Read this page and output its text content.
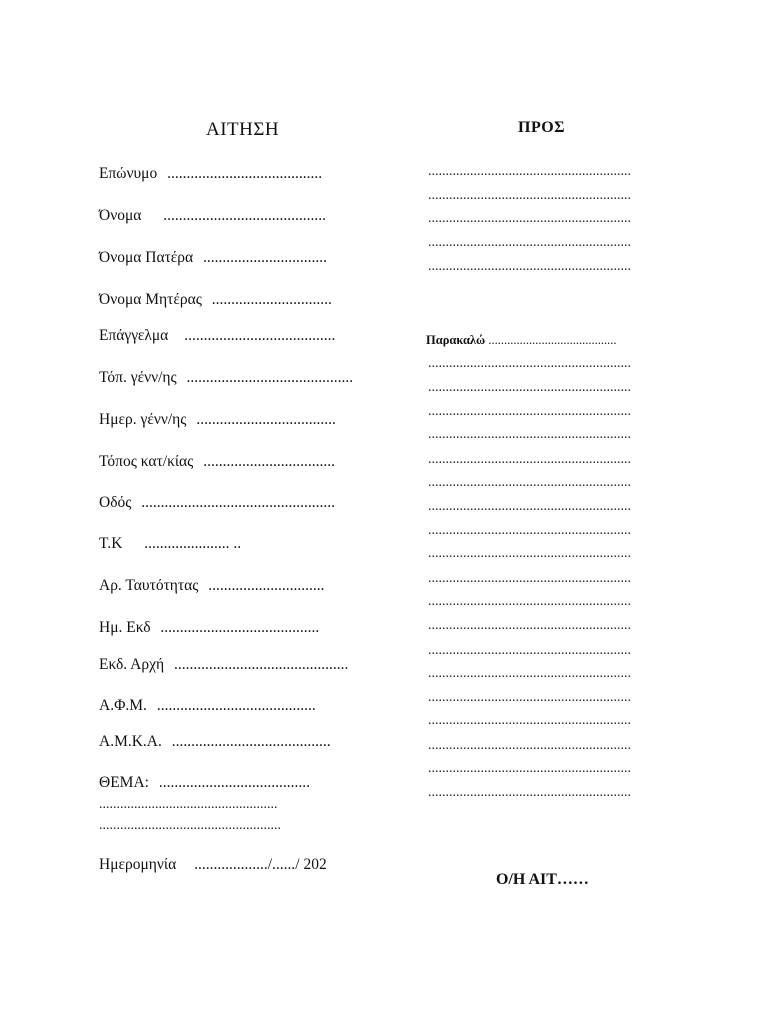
ΑΙΤΗΣΗ	ΠΡΟΣ
Επώνυμο ........................................
Όνομα ..........................................
Όνομα Πατέρα ................................
Όνομα Μητέρας ...............................
Επάγγελμα .......................................
Τόπ. γένν/ης ...........................................
Ημερ. γένν/ης ....................................
Τόπος κατ/κίας ..................................
Οδός ..................................................
Τ.Κ ...................... ..
Αρ. Ταυτότητας ..............................
Ημ. Εκδ .........................................
Εκδ. Αρχή .............................................
Α.Φ.Μ. .........................................
Α.Μ.Κ.Α. .........................................
ΘΕΜΑ: .......................................
...................................................
....................................................
..........................................................
..........................................................
..........................................................
..........................................................
..........................................................
Παρακαλώ .........................................
..........................................................
..........................................................
..........................................................
..........................................................
..........................................................
..........................................................
..........................................................
..........................................................
..........................................................
..........................................................
..........................................................
..........................................................
..........................................................
..........................................................
..........................................................
..........................................................
..........................................................
..........................................................
..........................................................
Ημερομηνία .................../....../ 202
Ο/Η ΑΙΤ……
